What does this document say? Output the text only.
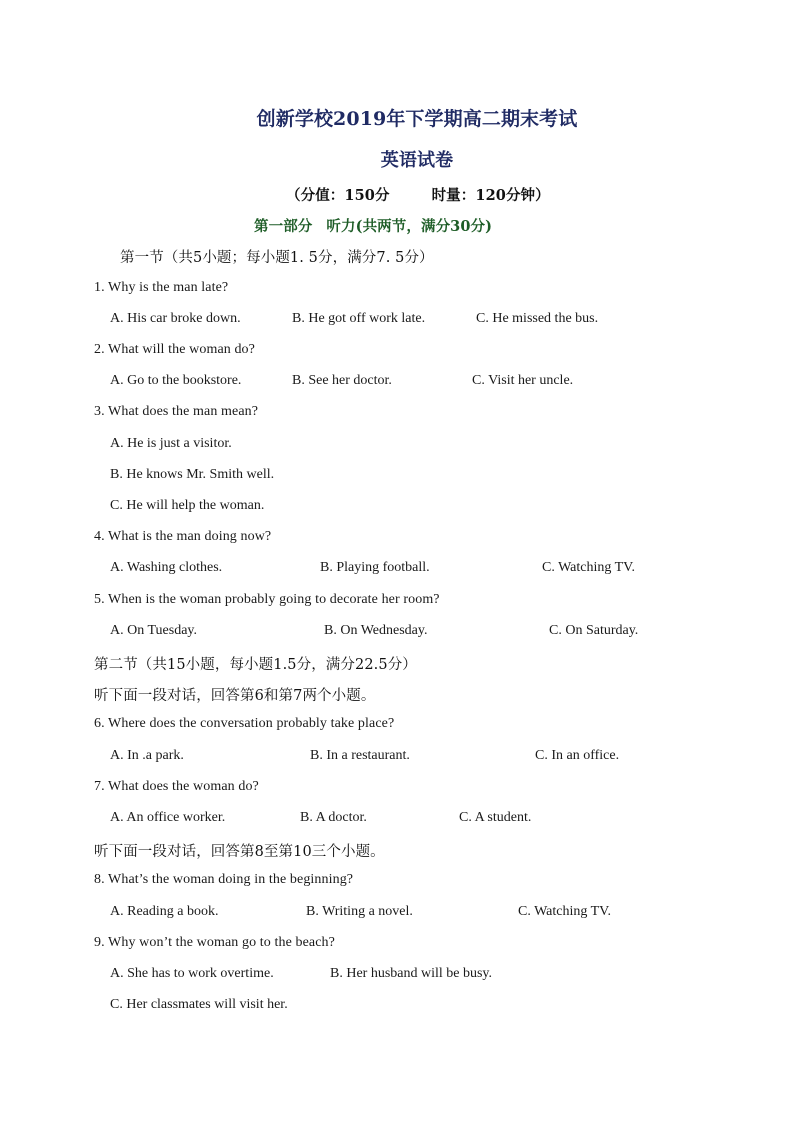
创新学校2019年下学期高二期末考试
英语试卷
（分值：150分	时量：120分钟）
第一部分 听力(共两节，满分30分)
第一节（共5小题；每小题1. 5分，满分7. 5分）
1. Why is the man late?
A. His car broke down.	B. He got off work late.	C. He missed the bus.
2. What will the woman do?
A. Go to the bookstore.	B. See her doctor.	C. Visit her uncle.
3. What does the man mean?
A. He is just a visitor.
B. He knows Mr. Smith well.
C. He will help the woman.
4. What is the man doing now?
A. Washing clothes.	B. Playing football.	C. Watching TV.
5. When is the woman probably going to decorate her room?
A. On Tuesday.	B. On Wednesday.	C. On Saturday.
第二节（共15小题，每小题1.5分，满分22.5分）
听下面一段对话，回答第6和第7两个小题。
6. Where does the conversation probably take place?
A. In .a park.	B. In a restaurant.	C. In an office.
7. What does the woman do?
A. An office worker.	B. A doctor.	C. A student.
听下面一段对话，回答第8至第10三个小题。
8. What’s the woman doing in the beginning?
A. Reading a book.	B. Writing a novel.	C. Watching TV.
9. Why won’t the woman go to the beach?
A. She has to work overtime.	B. Her husband will be busy.
C. Her classmates will visit her.
